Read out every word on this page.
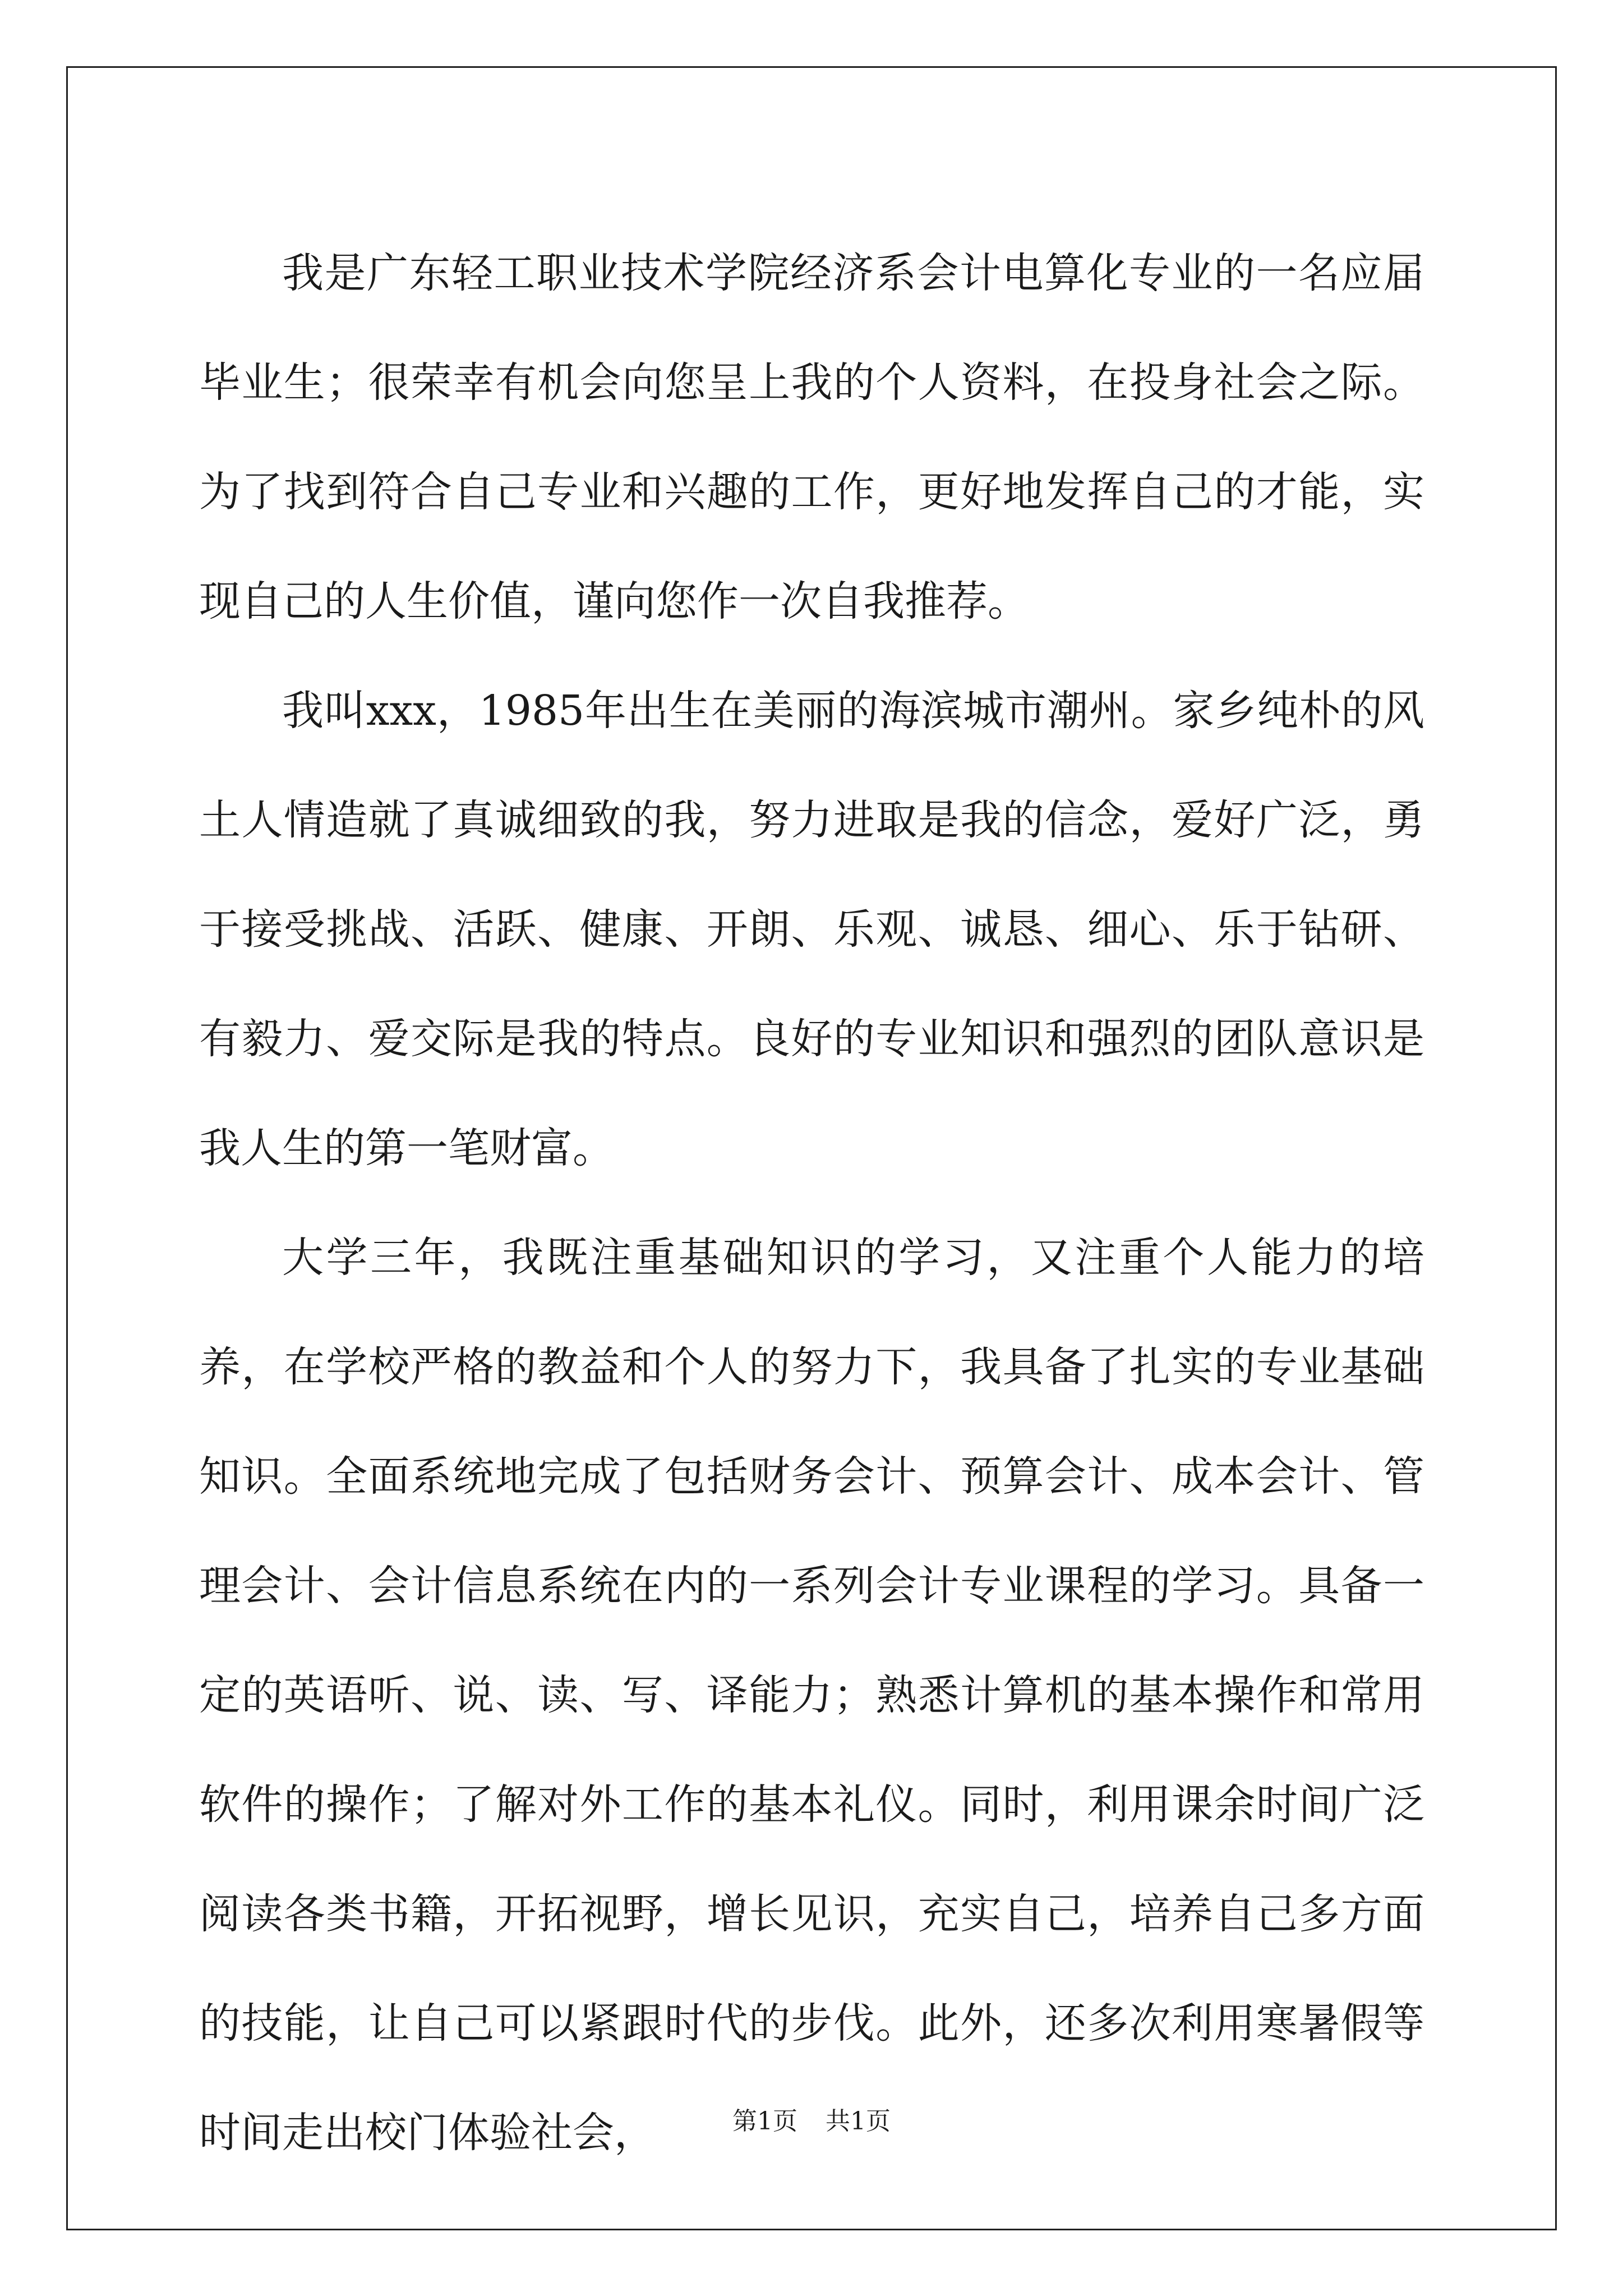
我是广东轻工职业技术学院经济系会计电算化专业的一名应届毕业生；很荣幸有机会向您呈上我的个人资料，在投身社会之际。为了找到符合自己专业和兴趣的工作，更好地发挥自己的才能，实现自己的人生价值，谨向您作一次自我推荐。

我叫xxx，1985年出生在美丽的海滨城市潮州。家乡纯朴的风土人情造就了真诚细致的我，努力进取是我的信念，爱好广泛，勇于接受挑战、活跃、健康、开朗、乐观、诚恳、细心、乐于钻研、有毅力、爱交际是我的特点。良好的专业知识和强烈的团队意识是我人生的第一笔财富。

大学三年，我既注重基础知识的学习，又注重个人能力的培养，在学校严格的教益和个人的努力下，我具备了扎实的专业基础知识。全面系统地完成了包括财务会计、预算会计、成本会计、管理会计、会计信息系统在内的一系列会计专业课程的学习。具备一定的英语听、说、读、写、译能力；熟悉计算机的基本操作和常用软件的操作；了解对外工作的基本礼仪。同时，利用课余时间广泛阅读各类书籍，开拓视野，增长见识，充实自己，培养自己多方面的技能，让自己可以紧跟时代的步伐。此外，还多次利用寒暑假等时间走出校门体验社会，	第1页 共1页
